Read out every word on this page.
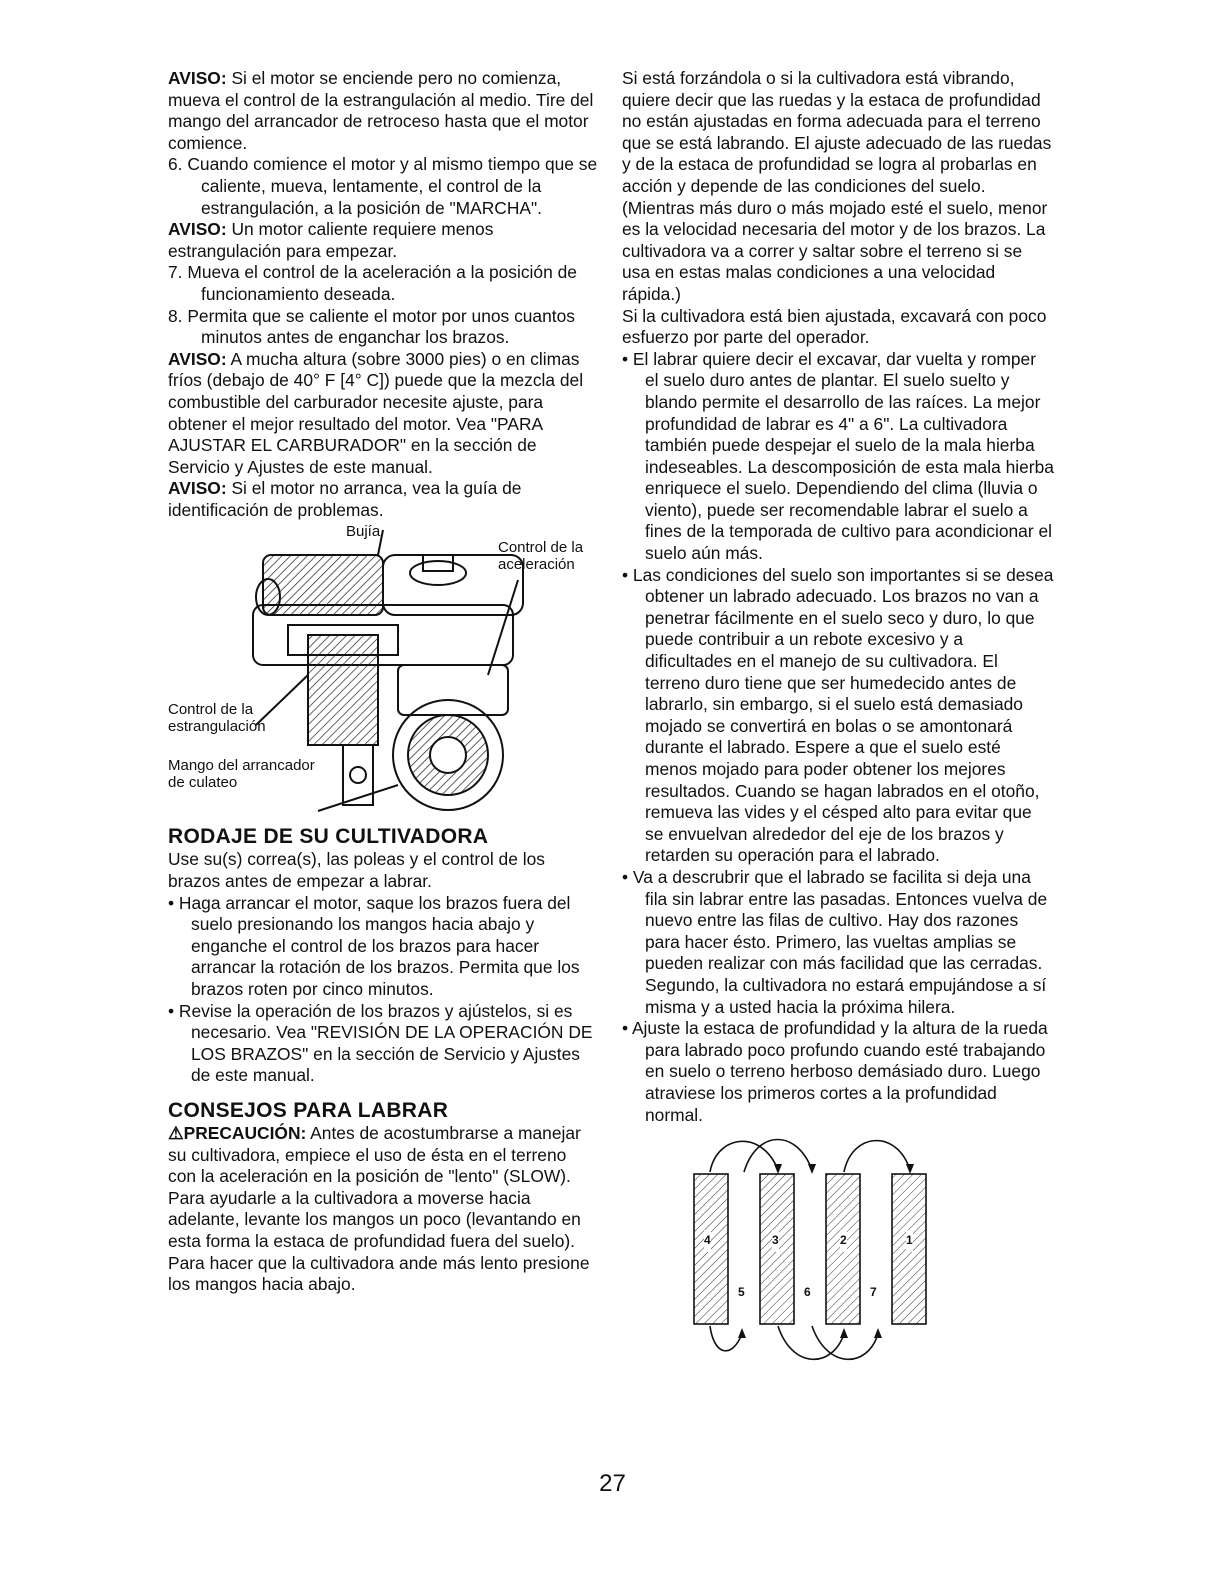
AVISO: Si el motor se enciende pero no comienza, mueva el control de la estrangulación al medio. Tire del mango del arrancador de retroceso hasta que el motor comience.

6. Cuando comience el motor y al mismo tiempo que se caliente, mueva, lentamente, el control de la estrangulación, a la posición de "MARCHA".

AVISO: Un motor caliente requiere menos estrangulación para empezar.

7. Mueva el control de la aceleración a la posición de funcionamiento deseada.

8. Permita que se caliente el motor por unos cuantos minutos antes de enganchar los brazos.

AVISO: A mucha altura (sobre 3000 pies) o en climas fríos (debajo de 40° F [4° C]) puede que la mezcla del combustible del carburador necesite ajuste, para obtener el mejor resultado del motor. Vea "PARA AJUSTAR EL CARBURADOR" en la sección de Servicio y Ajustes de este manual.

AVISO: Si el motor no arranca, vea la guía de identificación de problemas.

Bujía
Control de la aceleración
Control de la estrangulación
Mango del arrancador de culateo
RODAJE DE SU CULTIVADORA

Use su(s) correa(s), las poleas y el control de los brazos antes de empezar a labrar.

• Haga arrancar el motor, saque los brazos fuera del suelo presionando los mangos hacia abajo y enganche el control de los brazos para hacer arrancar la rotación de los brazos. Permita que los brazos roten por cinco minutos.

• Revise la operación de los brazos y ajústelos, si es necesario. Vea "REVISIÓN DE LA OPERACIÓN DE LOS BRAZOS" en la sección de Servicio y Ajustes de este manual.

CONSEJOS PARA LABRAR

⚠PRECAUCIÓN: Antes de acostumbrarse a manejar su cultivadora, empiece el uso de ésta en el terreno con la aceleración en la posición de "lento" (SLOW).

Para ayudarle a la cultivadora a moverse hacia adelante, levante los mangos un poco (levantando en esta forma la estaca de profundidad fuera del suelo). Para hacer que la cultivadora ande más lento presione los mangos hacia abajo.

Si está forzándola o si la cultivadora está vibrando, quiere decir que las ruedas y la estaca de profundidad no están ajustadas en forma adecuada para el terreno que se está labrando. El ajuste adecuado de las ruedas y de la estaca de profundidad se logra al probarlas en acción y depende de las condiciones del suelo. (Mientras más duro o más mojado esté el suelo, menor es la velocidad necesaria del motor y de los brazos. La cultivadora va a correr y saltar sobre el terreno si se usa en estas malas condiciones a una velocidad rápida.)

Si la cultivadora está bien ajustada, excavará con poco esfuerzo por parte del operador.

• El labrar quiere decir el excavar, dar vuelta y romper el suelo duro antes de plantar. El suelo suelto y blando permite el desarrollo de las raíces. La mejor profundidad de labrar es 4" a 6". La cultivadora también puede despejar el suelo de la mala hierba indeseables. La descomposición de esta mala hierba enriquece el suelo. Dependiendo del clima (lluvia o viento), puede ser recomendable labrar el suelo a fines de la temporada de cultivo para acondicionar el suelo aún más.

• Las condiciones del suelo son importantes si se desea obtener un labrado adecuado. Los brazos no van a penetrar fácilmente en el suelo seco y duro, lo que puede contribuir a un rebote excesivo y a dificultades en el manejo de su cultivadora. El terreno duro tiene que ser humedecido antes de labrarlo, sin embargo, si el suelo está demasiado mojado se convertirá en bolas o se amontonará durante el labrado. Espere a que el suelo esté menos mojado para poder obtener los mejores resultados. Cuando se hagan labrados en el otoño, remueva las vides y el césped alto para evitar que se envuelvan alrededor del eje de los brazos y retarden su operación para el labrado.

• Va a descrubrir que el labrado se facilita si deja una fila sin labrar entre las pasadas. Entonces vuelva de nuevo entre las filas de cultivo. Hay dos razones para hacer ésto. Primero, las vueltas amplias se pueden realizar con más facilidad que las cerradas. Segundo, la cultivadora no estará empujándose a sí misma y a usted hacia la próxima hilera.

• Ajuste la estaca de profundidad y la altura de la rueda para labrado poco profundo cuando esté trabajando en suelo o terreno herboso demásiado duro. Luego atraviese los primeros cortes a la profundidad normal.

4	3	2	1
5	6	7
27
